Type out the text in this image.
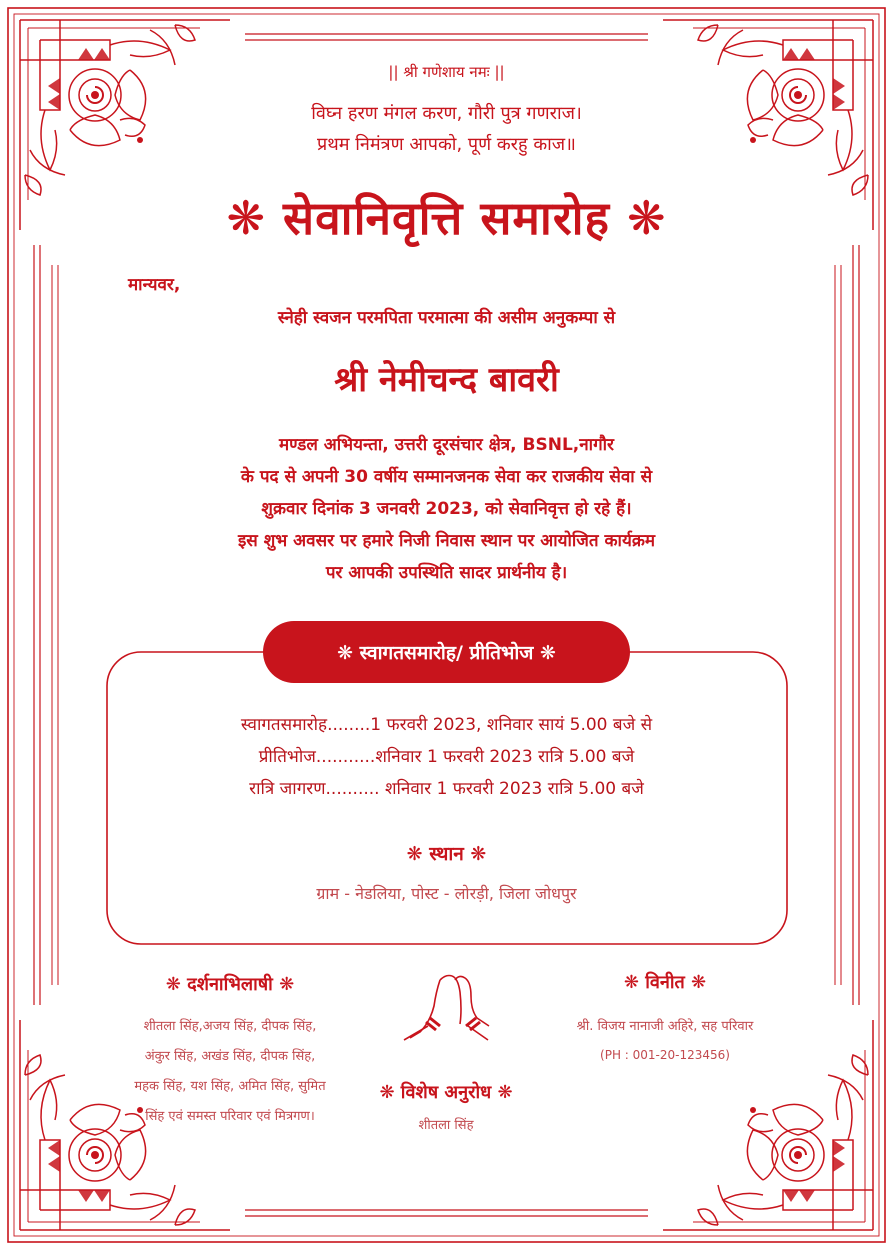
|| श्री गणेशाय नमः ||
विघ्न हरण मंगल करण, गौरी पुत्र गणराज।
प्रथम निमंत्रण आपको, पूर्ण करहु काज॥
❋ सेवानिवृत्ति समारोह ❋
मान्यवर,
स्नेही स्वजन परमपिता परमात्मा की असीम अनुकम्पा से
श्री नेमीचन्द बावरी
मण्डल अभियन्ता, उत्तरी दूरसंचार क्षेत्र, BSNL,नागौर
के पद से अपनी 30 वर्षीय सम्मानजनक सेवा कर राजकीय सेवा से
शुक्रवार दिनांक 3 जनवरी 2023, को सेवानिवृत्त हो रहे हैं।
इस शुभ अवसर पर हमारे निजी निवास स्थान पर आयोजित कार्यक्रम
पर आपकी उपस्थिति सादर प्रार्थनीय है।
❋ स्वागतसमारोह/ प्रीतिभोज ❋
स्वागतसमारोह........1 फरवरी 2023, शनिवार सायं 5.00 बजे से
प्रीतिभोज...........शनिवार 1 फरवरी 2023 रात्रि 5.00 बजे
रात्रि जागरण.......... शनिवार 1 फरवरी 2023 रात्रि 5.00 बजे
❋ स्थान ❋
ग्राम - नेडलिया, पोस्ट - लोरड़ी, जिला जोधपुर
❋ दर्शनाभिलाषी ❋
शीतला सिंह,अजय सिंह, दीपक सिंह,
अंकुर सिंह, अखंड सिंह, दीपक सिंह,
महक सिंह, यश सिंह, अमित सिंह, सुमित
सिंह एवं समस्त परिवार एवं मित्रगण।
❋ विशेष अनुरोध ❋
शीतला सिंह
❋ विनीत ❋
श्री. विजय नानाजी अहिरे, सह परिवार
(PH : 001-20-123456)
